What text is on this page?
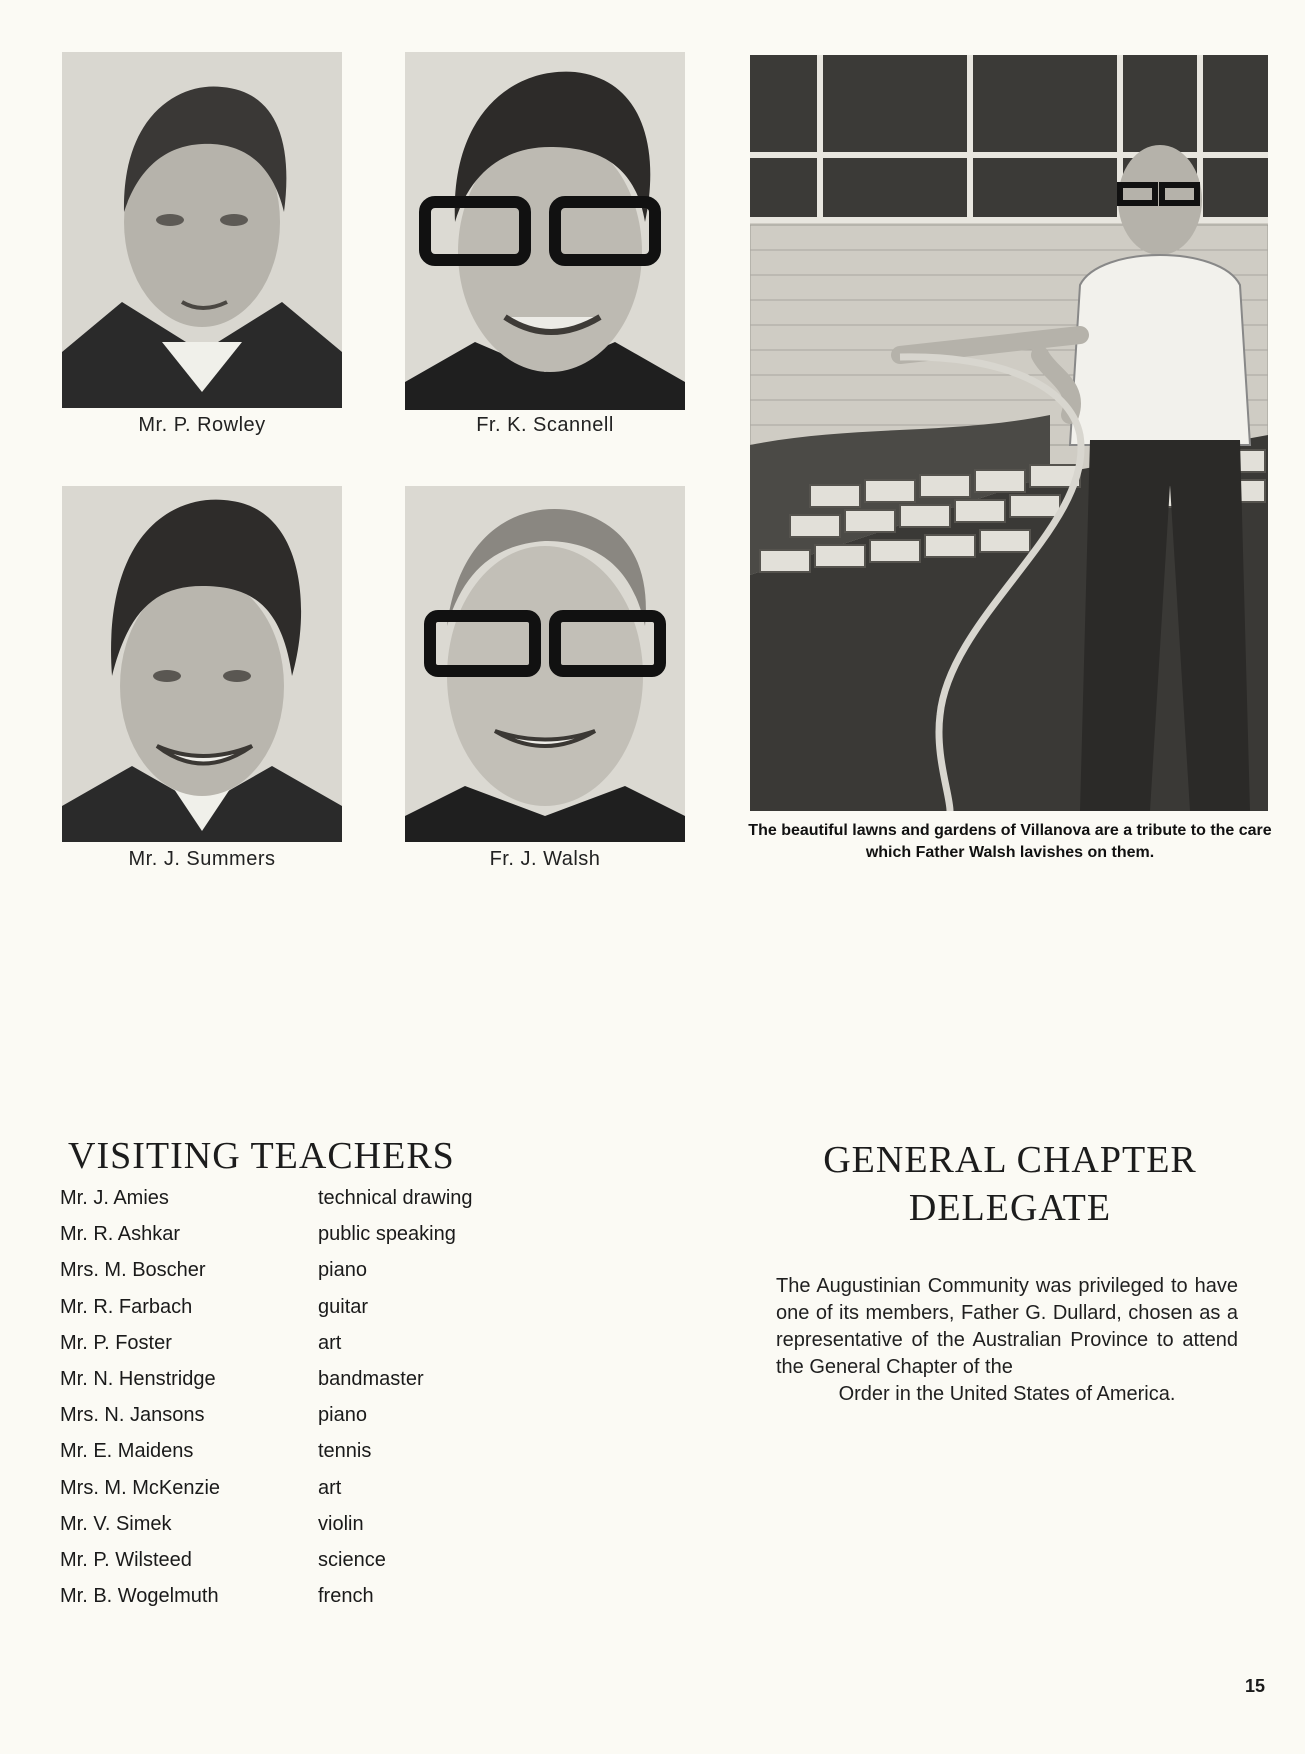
Mr. P. Rowley	Fr. K. Scannell
Mr. J. Summers	Fr. J. Walsh
The beautiful lawns and gardens of Villanova are a tribute to the care which Father Walsh lavishes on them.
VISITING TEACHERS
Mr. J. Amies	technical drawing
Mr. R. Ashkar	public speaking
Mrs. M. Boscher	piano
Mr. R. Farbach	guitar
Mr. P. Foster	art
Mr. N. Henstridge	bandmaster
Mrs. N. Jansons	piano
Mr. E. Maidens	tennis
Mrs. M. McKenzie	art
Mr. V. Simek	violin
Mr. P. Wilsteed	science
Mr. B. Wogelmuth	french
GENERAL CHAPTER
DELEGATE
The Augustinian Community was privileged to have one of its members, Father G. Dullard, chosen as a representative of the Australian Province to attend the General Chapter of the
Order in the United States of America.
15
